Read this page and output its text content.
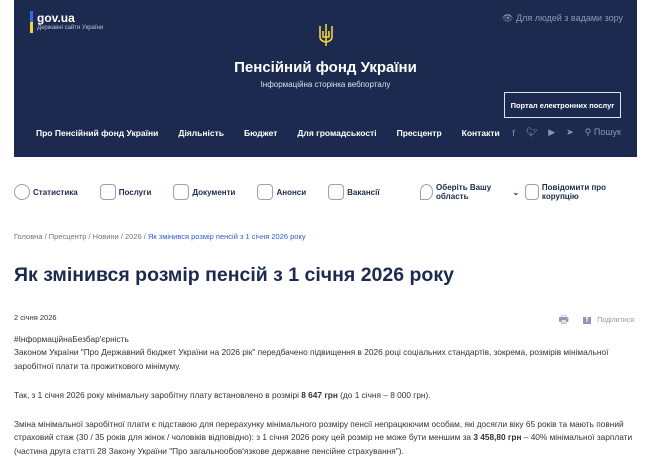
gov.ua
Державні сайти України
👁 Для людей з вадами зору
Пенсійний фонд України
Інформаційна сторінка вебпорталу
Портал електронних послуг
Про Пенсійний фонд України Діяльність Бюджет Для громадськості Пресцентр Контакти f 🐦︎ ▶ ➤ ⚲ Пошук
Статистика	Послуги	Документи	Анонси	Вакансії	Оберіть Вашу область	⌄	Повідомити про корупцію
Головна / Пресцентр / Новини / 2026 / Як змінився розмір пенсій з 1 січня 2026 року
Як змінився розмір пенсій з 1 січня 2026 року
2 січня 2026	🖶	f Поділитися
#ІнформаційнаБезбар'єрність

Законом України "Про Державний бюджет України на 2026 рік" передбачено підвищення в 2026 році соціальних стандартів, зокрема, розмірів мінімальної заробітної плати та прожиткового мінімуму.

Так, з 1 січня 2026 року мінімальну заробітну плату встановлено в розмірі 8 647 грн (до 1 січня – 8 000 грн).

Зміна мінімальної заробітної плати є підставою для перерахунку мінімального розміру пенсії непрацюючим особам, які досягли віку 65 років та мають повний страховий стаж (30 / 35 років для жінок / чоловіків відповідно): з 1 січня 2026 року цей розмір не може бути меншим за 3 458,80 грн – 40% мінімальної зарплати (частина друга статті 28 Закону України "Про загальнообов'язкове державне пенсійне страхування").
